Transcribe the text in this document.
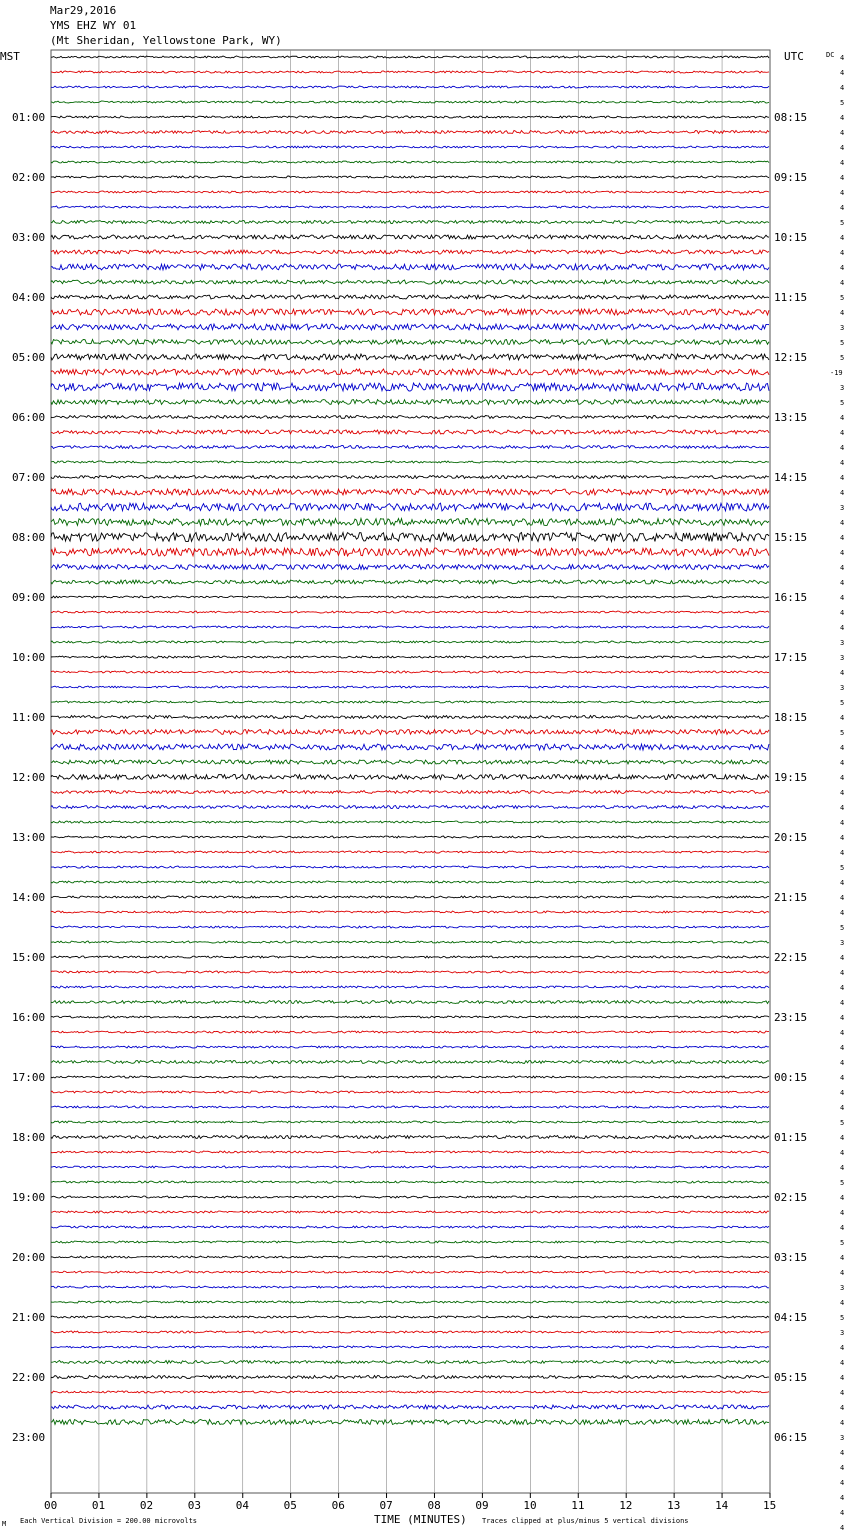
Mar29,2016
YMS EHZ WY 01
(Mt Sheridan, Yellowstone Park, WY)
MST	UTC	DC
01:00
02:00
03:00
04:00
05:00
06:00
07:00
08:00
09:00
10:00
11:00
12:00
13:00
14:00
15:00
16:00
17:00
18:00
19:00
20:00
21:00
22:00
23:00
08:15
09:15
10:15
11:15
12:15
13:15
14:15
15:15
16:15
17:15
18:15
19:15
20:15
21:15
22:15
23:15
00:15
01:15
02:15
03:15
04:15
05:15
06:15
4
4
4
5
4
4
4
4
4
4
4
5
4
4
4
4
5
4
3
5
5
-19
3
5
4
4
4
4
4
4
3
4
4
4
4
4
4
4
4
3
3
4
3
5
4
5
4
4
4
4
4
4
4
4
5
4
4
4
5
3
4
4
4
4
4
4
4
4
4
4
4
5
4
4
4
5
4
4
4
5
4
4
3
4
5
3
4
4
4
4
4
4
3
4
4
4
4
4
4
00	01	02	03	04	05	06	07	08	09	10	11	12	13	14	15
M Each Vertical Division = 200.00 microvolts	TIME (MINUTES) Traces clipped at plus/minus 5 vertical divisions
